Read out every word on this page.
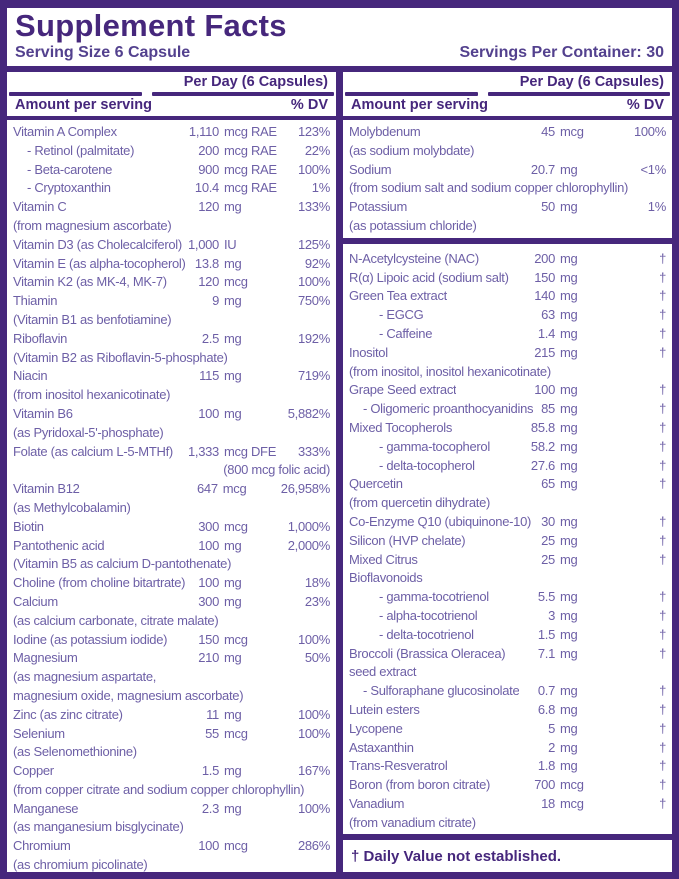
Supplement Facts
Serving Size 6 Capsule	Servings Per Container: 30
Per Day (6 Capsules)
Amount per serving	% DV
Vitamin A Complex	1,110 mcg RAE	123%
- Retinol (palmitate)	200 mcg RAE	22%
- Beta-carotene	900 mcg RAE	100%
- Cryptoxanthin	10.4 mcg RAE	1%
Vitamin C	120 mg	133%
(from magnesium ascorbate)
Vitamin D3 (as Cholecalciferol) 1,000 IU	125%
Vitamin E (as alpha-tocopherol) 13.8 mg	92%
Vitamin K2 (as MK-4, MK-7)	120 mcg	100%
Thiamin	9 mg	750%
(Vitamin B1 as benfotiamine)
Riboflavin	2.5 mg	192%
(Vitamin B2 as Riboflavin-5-phosphate)
Niacin	115 mg	719%
(from inositol hexanicotinate)
Vitamin B6	100 mg	5,882%
(as Pyridoxal-5'-phosphate)
Folate (as calcium L-5-MTHf)	1,333 mcg DFE	333%
(800 mcg folic acid)
Vitamin B12	647 mcg	26,958%
(as Methylcobalamin)
Biotin	300 mcg	1,000%
Pantothenic acid	100 mg	2,000%
(Vitamin B5 as calcium D-pantothenate)
Choline (from choline bitartrate)	100 mg	18%
Calcium	300 mg	23%
(as calcium carbonate, citrate malate)
Iodine (as potassium iodide)	150 mcg	100%
Magnesium	210 mg	50%
(as magnesium aspartate,
magnesium oxide, magnesium ascorbate)
Zinc (as zinc citrate)	11 mg	100%
Selenium	55 mcg	100%
(as Selenomethionine)
Copper	1.5 mg	167%
(from copper citrate and sodium copper chlorophyllin)
Manganese	2.3 mg	100%
(as manganesium bisglycinate)
Chromium	100 mcg	286%
(as chromium picolinate)
Per Day (6 Capsules)
Amount per serving	% DV
Molybdenum	45 mcg	100%
(as sodium molybdate)
Sodium	20.7 mg	<1%
(from sodium salt and sodium copper chlorophyllin)
Potassium	50 mg	1%
(as potassium chloride)
N-Acetylcysteine (NAC)	200 mg	†
R(α) Lipoic acid (sodium salt)	150 mg	†
Green Tea extract	140 mg	†
- EGCG	63 mg	†
- Caffeine	1.4 mg	†
Inositol	215 mg	†
(from inositol, inositol hexanicotinate)
Grape Seed extract	100 mg	†
- Oligomeric proanthocyanidins 85 mg	†
Mixed Tocopherols	85.8 mg	†
- gamma-tocopherol	58.2 mg	†
- delta-tocopherol	27.6 mg	†
Quercetin	65 mg	†
(from quercetin dihydrate)
Co-Enzyme Q10 (ubiquinone-10) 30 mg	†
Silicon (HVP chelate)	25 mg	†
Mixed Citrus	25 mg	†
Bioflavonoids
- gamma-tocotrienol	5.5 mg	†
- alpha-tocotrienol	3 mg	†
- delta-tocotrienol	1.5 mg	†
Broccoli (Brassica Oleracea)	7.1 mg	†
seed extract
- Sulforaphane glucosinolate	0.7 mg	†
Lutein esters	6.8 mg	†
Lycopene	5 mg	†
Astaxanthin	2 mg	†
Trans-Resveratrol	1.8 mg	†
Boron (from boron citrate)	700 mcg	†
Vanadium	18 mcg	†
(from vanadium citrate)
† Daily Value not established.
